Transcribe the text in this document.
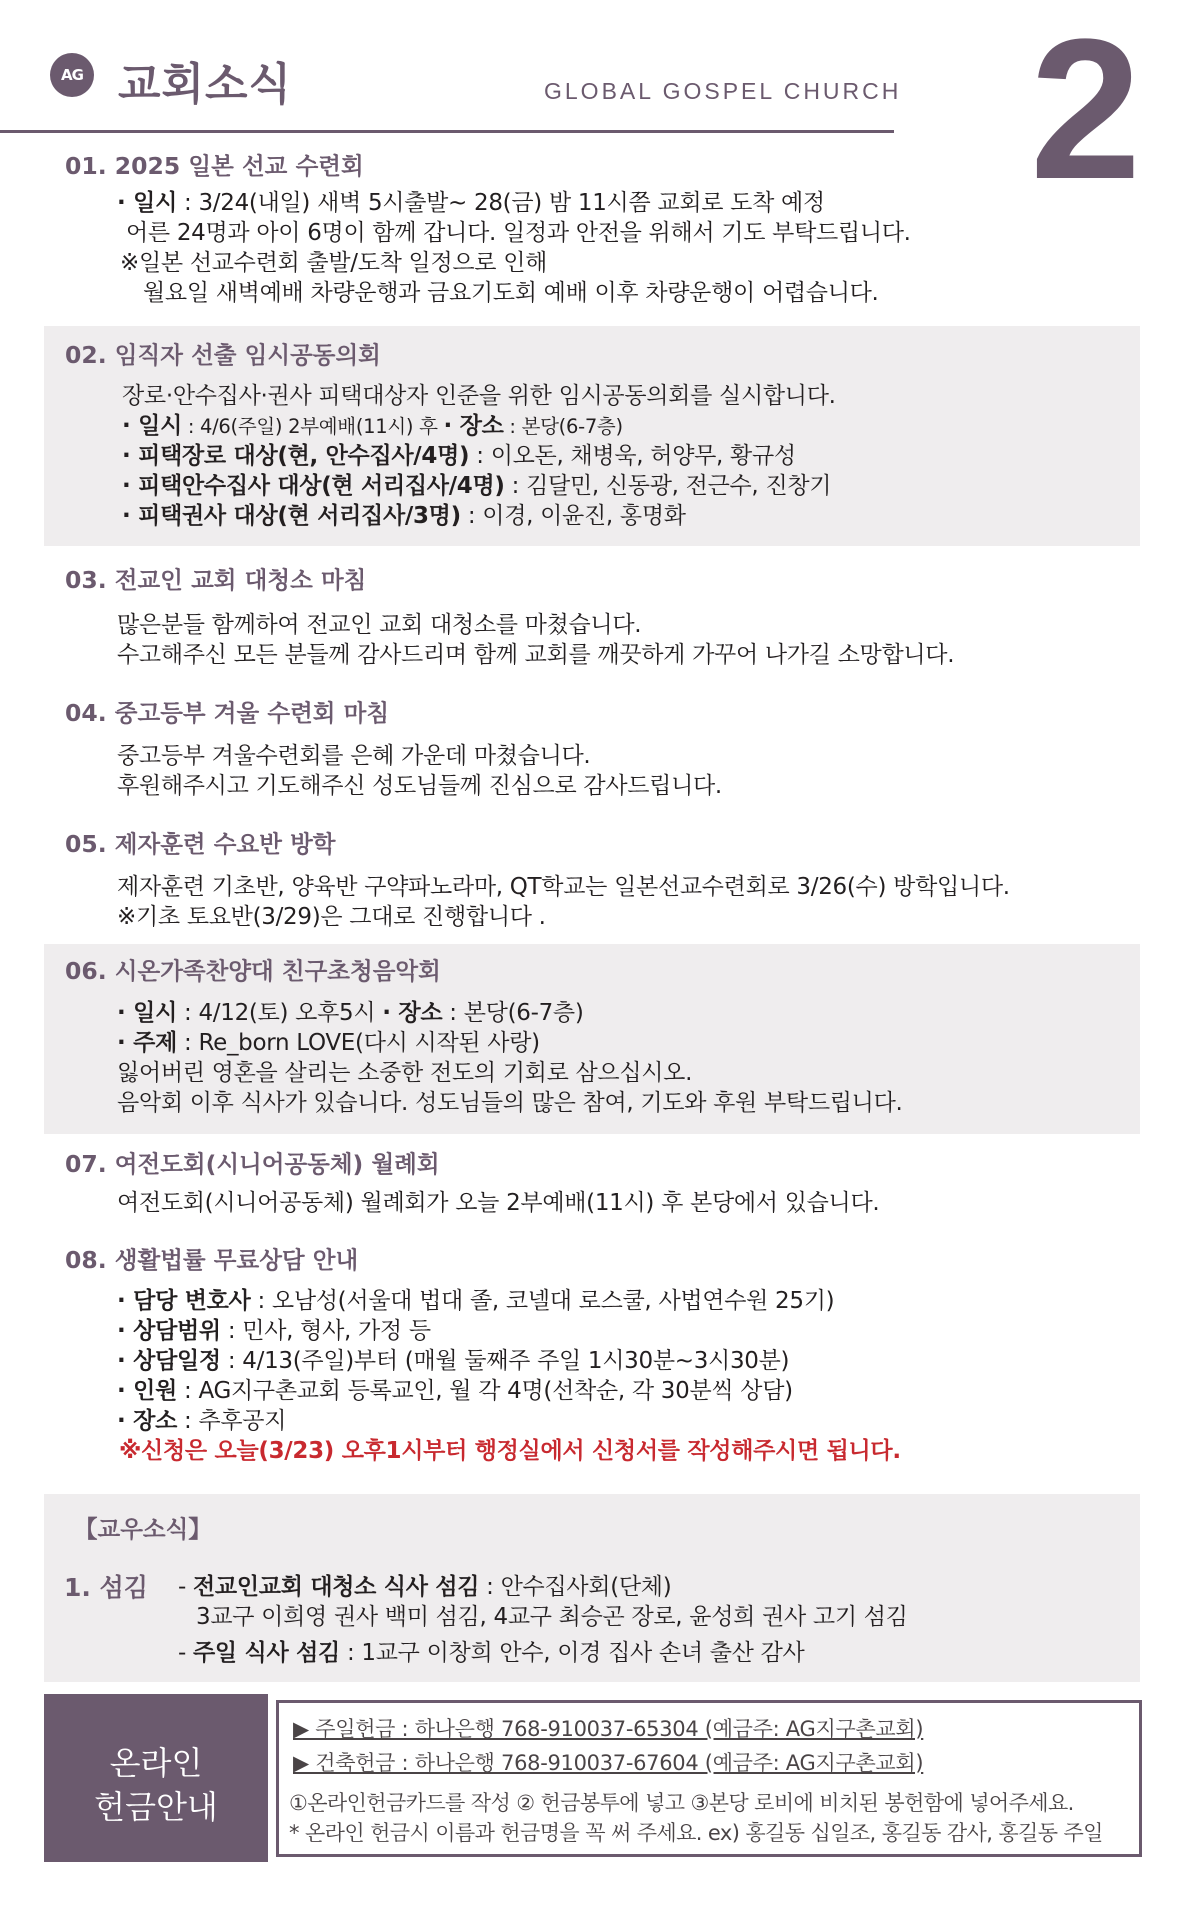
AG 교회소식	GLOBAL GOSPEL CHURCH 2
01. 2025 일본 선교 수련회
· 일시 : 3/24(내일) 새벽 5시출발~ 28(금) 밤 11시쯤 교회로 도착 예정
어른 24명과 아이 6명이 함께 갑니다. 일정과 안전을 위해서 기도 부탁드립니다.
※일본 선교수련회 출발/도착 일정으로 인해
월요일 새벽예배 차량운행과 금요기도회 예배 이후 차량운행이 어렵습니다.
02. 임직자 선출 임시공동의회
장로·안수집사·권사 피택대상자 인준을 위한 임시공동의회를 실시합니다.
· 일시 : 4/6(주일) 2부예배(11시) 후 · 장소 : 본당(6-7층)
· 피택장로 대상(현, 안수집사/4명) : 이오돈, 채병욱, 허양무, 황규성
· 피택안수집사 대상(현 서리집사/4명) : 김달민, 신동광, 전근수, 진창기
· 피택권사 대상(현 서리집사/3명) : 이경, 이윤진, 홍명화
03. 전교인 교회 대청소 마침
많은분들 함께하여 전교인 교회 대청소를 마쳤습니다.
수고해주신 모든 분들께 감사드리며 함께 교회를 깨끗하게 가꾸어 나가길 소망합니다.
04. 중고등부 겨울 수련회 마침
중고등부 겨울수련회를 은혜 가운데 마쳤습니다.
후원해주시고 기도해주신 성도님들께 진심으로 감사드립니다.
05. 제자훈련 수요반 방학
제자훈련 기초반, 양육반 구약파노라마, QT학교는 일본선교수련회로 3/26(수) 방학입니다.
※기초 토요반(3/29)은 그대로 진행합니다 .
06. 시온가족찬양대 친구초청음악회
· 일시 : 4/12(토) 오후5시 · 장소 : 본당(6-7층)
· 주제 : Re_born LOVE(다시 시작된 사랑)
잃어버린 영혼을 살리는 소중한 전도의 기회로 삼으십시오.
음악회 이후 식사가 있습니다. 성도님들의 많은 참여, 기도와 후원 부탁드립니다.
07. 여전도회(시니어공동체) 월례회
여전도회(시니어공동체) 월례회가 오늘 2부예배(11시) 후 본당에서 있습니다.
08. 생활법률 무료상담 안내
· 담당 변호사 : 오남성(서울대 법대 졸, 코넬대 로스쿨, 사법연수원 25기)
· 상담범위 : 민사, 형사, 가정 등
· 상담일정 : 4/13(주일)부터 (매월 둘째주 주일 1시30분~3시30분)
· 인원 : AG지구촌교회 등록교인, 월 각 4명(선착순, 각 30분씩 상담)
· 장소 : 추후공지
※신청은 오늘(3/23) 오후1시부터 행정실에서 신청서를 작성해주시면 됩니다.
【교우소식】
1. 섬김 - 전교인교회 대청소 식사 섬김 : 안수집사회(단체)
3교구 이희영 권사 백미 섬김, 4교구 최승곤 장로, 윤성희 권사 고기 섬김
- 주일 식사 섬김 : 1교구 이창희 안수, 이경 집사 손녀 출산 감사
온라인
헌금안내
▶ 주일헌금 : 하나은행 768-910037-65304 (예금주: AG지구촌교회)
▶ 건축헌금 : 하나은행 768-910037-67604 (예금주: AG지구촌교회)
①온라인헌금카드를 작성 ② 헌금봉투에 넣고 ③본당 로비에 비치된 봉헌함에 넣어주세요.
* 온라인 헌금시 이름과 헌금명을 꼭 써 주세요. ex) 홍길동 십일조, 홍길동 감사, 홍길동 주일
